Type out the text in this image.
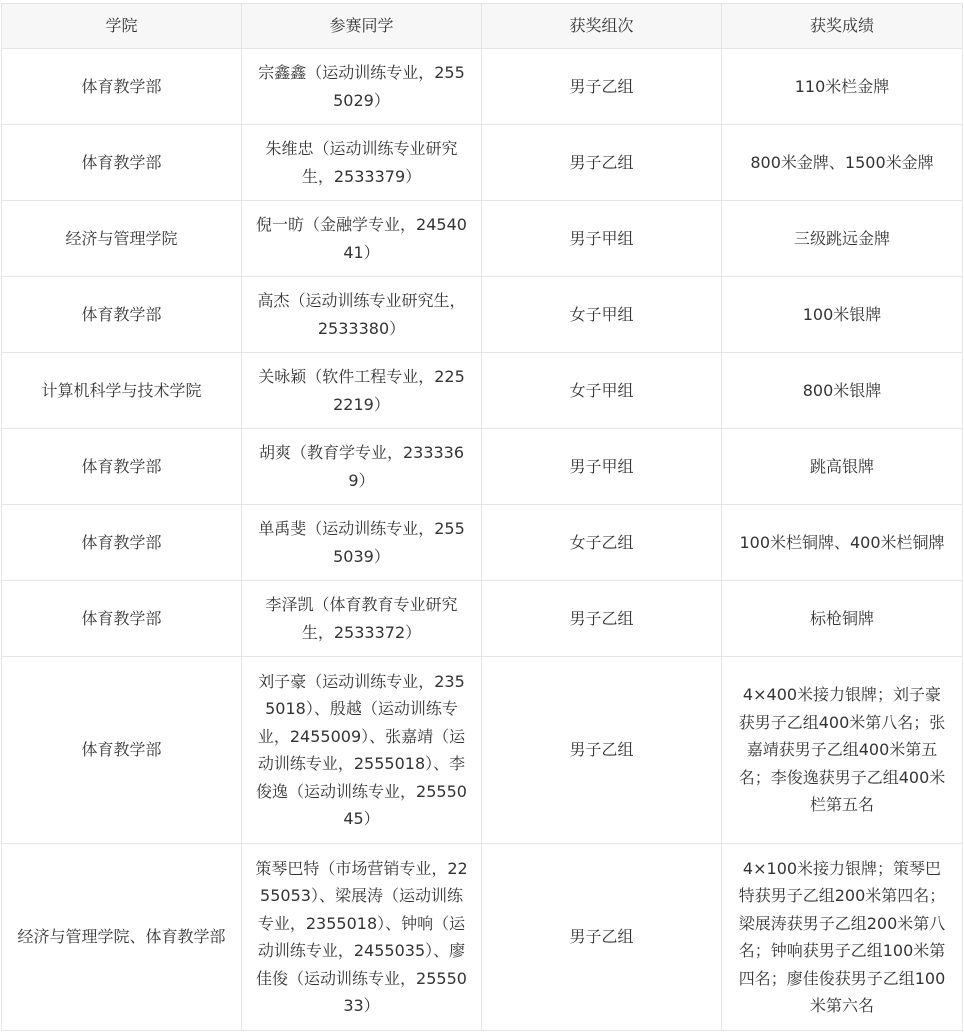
学院	参赛同学	获奖组次	获奖成绩
体育教学部	宗鑫鑫（运动训练专业，2555029）	男子乙组	110米栏金牌
体育教学部	朱维忠（运动训练专业研究生，2533379）	男子乙组	800米金牌、1500米金牌
经济与管理学院	倪一昉（金融学专业，2454041）	男子甲组	三级跳远金牌
体育教学部	高杰（运动训练专业研究生，2533380）	女子甲组	100米银牌
计算机科学与技术学院	关咏颖（软件工程专业，2252219）	女子甲组	800米银牌
体育教学部	胡爽（教育学专业，2333369）	男子甲组	跳高银牌
体育教学部	单禹斐（运动训练专业，2555039）	女子乙组	100米栏铜牌、400米栏铜牌
体育教学部	李泽凯（体育教育专业研究生，2533372）	男子乙组	标枪铜牌
体育教学部	刘子豪（运动训练专业，2355018）、殷越（运动训练专业，2455009）、张嘉靖（运动训练专业，2555018）、李俊逸（运动训练专业，2555045）	男子乙组	4×400米接力银牌；刘子豪获男子乙组400米第八名；张嘉靖获男子乙组400米第五名；李俊逸获男子乙组400米栏第五名
经济与管理学院、体育教学部	策琴巴特（市场营销专业，2255053）、梁展涛（运动训练专业，2355018）、钟响（运动训练专业，2455035）、廖佳俊（运动训练专业，2555033）	男子乙组	4×100米接力银牌；策琴巴特获男子乙组200米第四名；梁展涛获男子乙组200米第八名；钟响获男子乙组100米第四名；廖佳俊获男子乙组100米第六名
